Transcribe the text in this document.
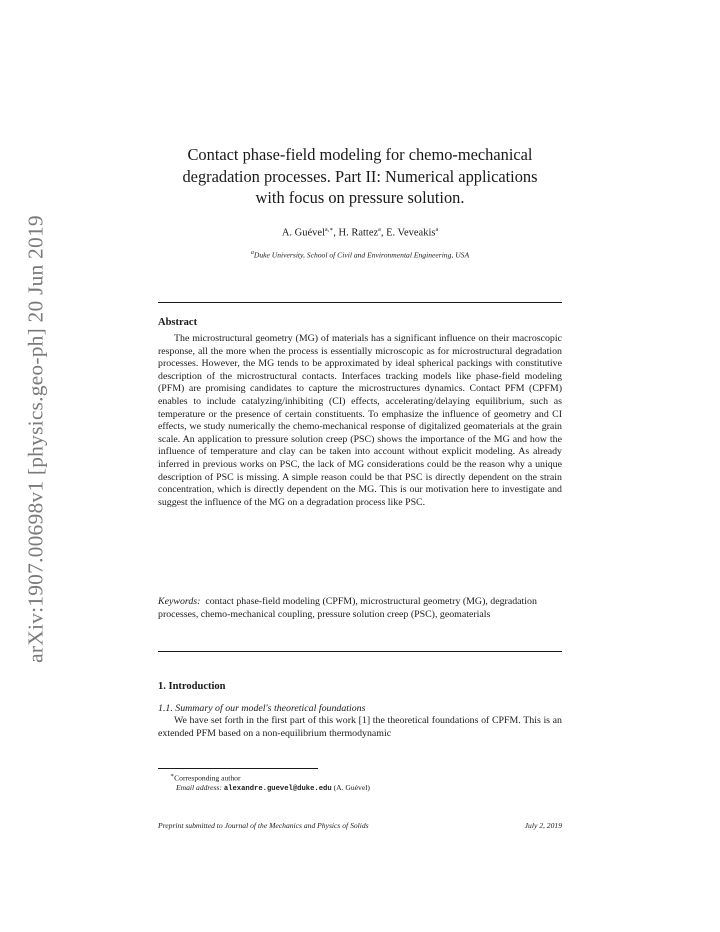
arXiv:1907.00698v1 [physics.geo-ph] 20 Jun 2019
Contact phase-field modeling for chemo-mechanical
degradation processes. Part II: Numerical applications
with focus on pressure solution.
A. Guével$^{a,∗}$, H. Rattez$^a$, E. Veveakis$^a$
$^a$Duke University, School of Civil and Environmental Engineering, USA
Abstract
The microstructural geometry (MG) of materials has a significant influence on their macroscopic response, all the more when the process is essentially microscopic as for microstructural degradation processes. However, the MG tends to be approximated by ideal spherical packings with constitutive description of the microstructural contacts. Interfaces tracking models like phase-field modeling (PFM) are promising candidates to capture the microstructures dynamics. Contact PFM (CPFM) enables to include catalyzing/inhibiting (CI) effects, accelerating/delaying equilibrium, such as temperature or the presence of certain constituents. To emphasize the influence of geometry and CI effects, we study numerically the chemo-mechanical response of digitalized geomaterials at the grain scale. An application to pressure solution creep (PSC) shows the importance of the MG and how the influence of temperature and clay can be taken into account without explicit modeling. As already inferred in previous works on PSC, the lack of MG considerations could be the reason why a unique description of PSC is missing. A simple reason could be that PSC is directly dependent on the strain concentration, which is directly dependent on the MG. This is our motivation here to investigate and suggest the influence of the MG on a degradation process like PSC.
Keywords: contact phase-field modeling (CPFM), microstructural geometry (MG), degradation processes, chemo-mechanical coupling, pressure solution creep (PSC), geomaterials
1. Introduction
1.1. Summary of our model's theoretical foundations
We have set forth in the first part of this work [1] the theoretical foundations of CPFM. This is an extended PFM based on a non-equilibrium thermodynamic
∗Corresponding author
Email address: alexandre.guevel@duke.edu (A. Guével)
Preprint submitted to Journal of the Mechanics and Physics of Solids	July 2, 2019
